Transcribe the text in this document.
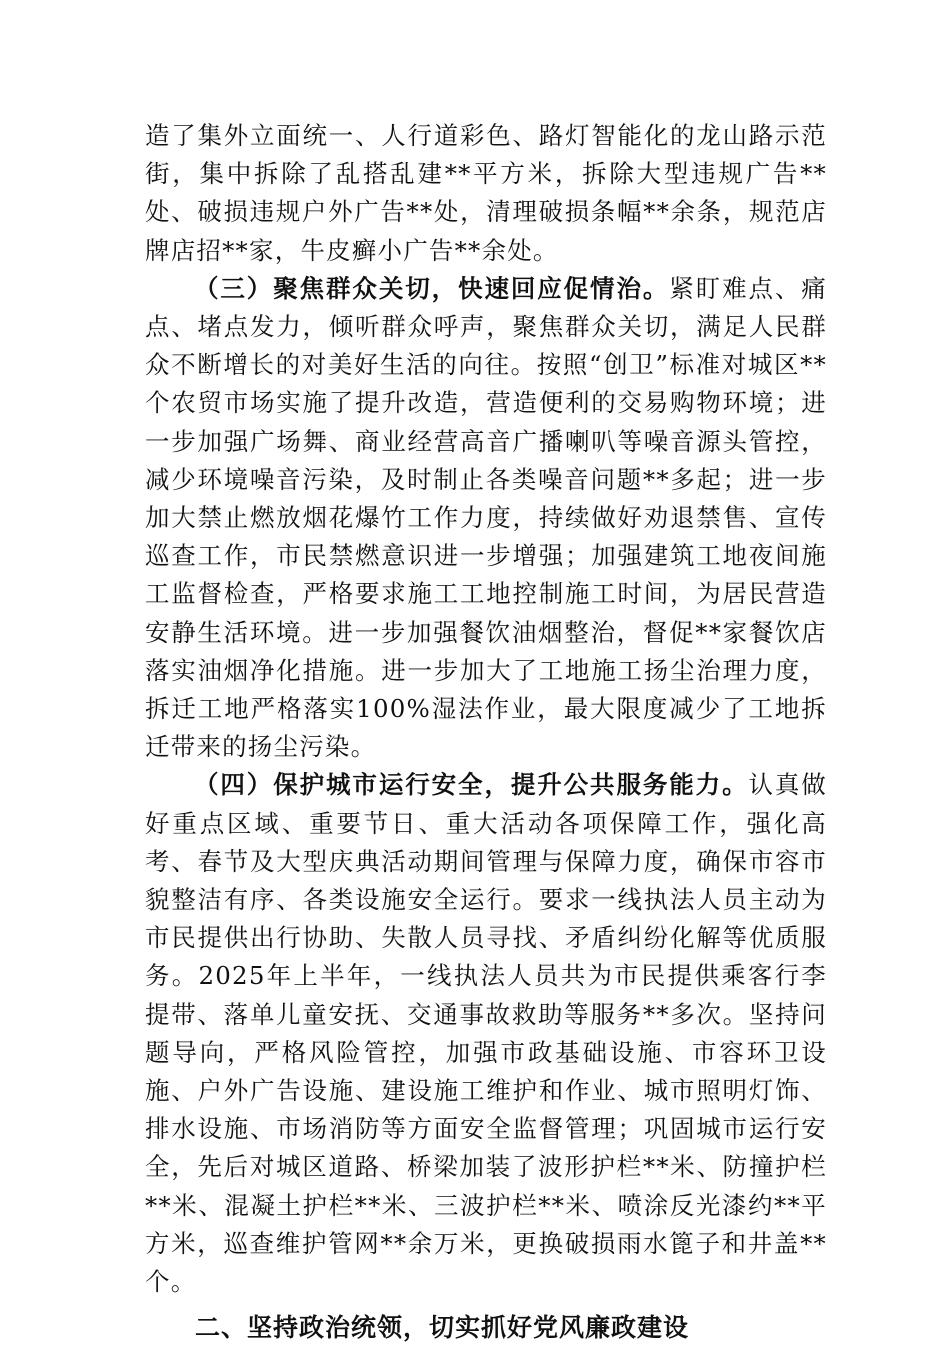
造了集外立面统一、人行道彩色、路灯智能化的龙山路示范街，集中拆除了乱搭乱建**平方米，拆除大型违规广告**处、破损违规户外广告**处，清理破损条幅**余条，规范店牌店招**家，牛皮癣小广告**余处。

（三）聚焦群众关切，快速回应促情治。紧盯难点、痛点、堵点发力，倾听群众呼声，聚焦群众关切，满足人民群众不断增长的对美好生活的向往。按照“创卫”标准对城区**个农贸市场实施了提升改造，营造便利的交易购物环境；进一步加强广场舞、商业经营高音广播喇叭等噪音源头管控，减少环境噪音污染，及时制止各类噪音问题**多起；进一步加大禁止燃放烟花爆竹工作力度，持续做好劝退禁售、宣传巡查工作，市民禁燃意识进一步增强；加强建筑工地夜间施工监督检查，严格要求施工工地控制施工时间，为居民营造安静生活环境。进一步加强餐饮油烟整治，督促**家餐饮店落实油烟净化措施。进一步加大了工地施工扬尘治理力度，拆迁工地严格落实100%湿法作业，最大限度减少了工地拆迁带来的扬尘污染。

（四）保护城市运行安全，提升公共服务能力。认真做好重点区域、重要节日、重大活动各项保障工作，强化高考、春节及大型庆典活动期间管理与保障力度，确保市容市貌整洁有序、各类设施安全运行。要求一线执法人员主动为市民提供出行协助、失散人员寻找、矛盾纠纷化解等优质服务。2025年上半年，一线执法人员共为市民提供乘客行李提带、落单儿童安抚、交通事故救助等服务**多次。坚持问题导向，严格风险管控，加强市政基础设施、市容环卫设施、户外广告设施、建设施工维护和作业、城市照明灯饰、排水设施、市场消防等方面安全监督管理；巩固城市运行安全，先后对城区道路、桥梁加装了波形护栏**米、防撞护栏**米、混凝土护栏**米、三波护栏**米、喷涂反光漆约**平方米，巡查维护管网**余万米，更换破损雨水篦子和井盖**个。

二、坚持政治统领，切实抓好党风廉政建设
